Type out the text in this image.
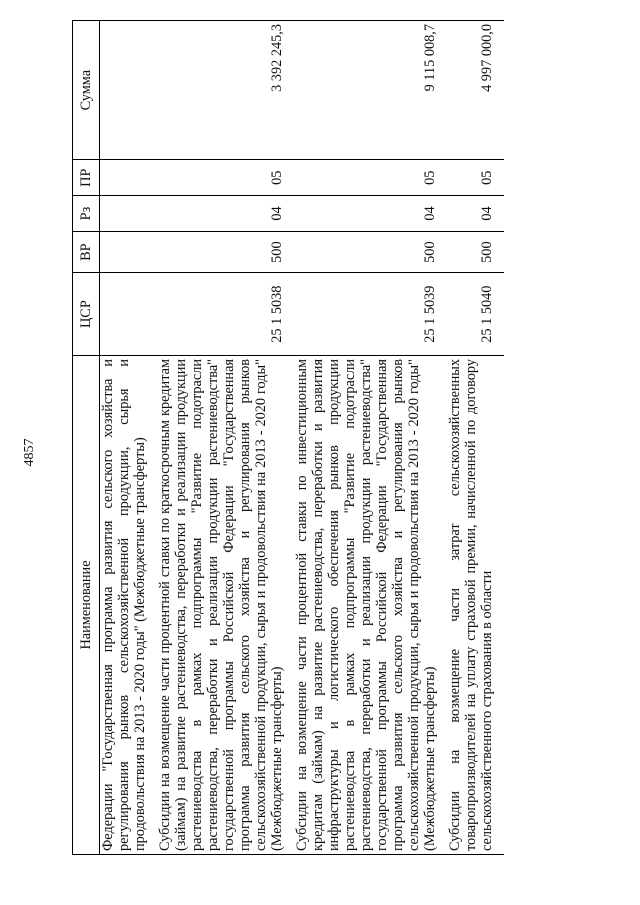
4857
Наименование	ЦСР	ВР	Рз	ПР	Сумма
Федерации "Государственная программа развития сельского хозяйства и регулирования рынков сельскохозяйственной продукции, сырья и продовольствия на 2013 - 2020 годы" (Межбюджетные трансферты)					
Субсидии на возмещение части процентной ставки по краткосрочным кредитам (займам) на развитие растениеводства, переработки и реализации продукции растениеводства в рамках подпрограммы "Развитие подотрасли растениеводства, переработки и реализации продукции растениеводства" государственной программы Российской Федерации "Государственная программа развития сельского хозяйства и регулирования рынков сельскохозяйственной продукции, сырья и продовольствия на 2013 - 2020 годы" (Межбюджетные трансферты)	25 1 5038	500	04	05	3 392 245,3
Субсидии на возмещение части процентной ставки по инвестиционным кредитам (займам) на развитие растениеводства, переработки и развития инфраструктуры и логистического обеспечения рынков продукции растениеводства в рамках подпрограммы "Развитие подотрасли растениеводства, переработки и реализации продукции растениеводства" государственной программы Российской Федерации "Государственная программа развития сельского хозяйства и регулирования рынков сельскохозяйственной продукции, сырья и продовольствия на 2013 - 2020 годы" (Межбюджетные трансферты)	25 1 5039	500	04	05	9 115 008,7
Субсидии на возмещение части затрат сельскохозяйственных товаропроизводителей на уплату страховой премии, начисленной по договору сельскохозяйственного страхования в области	25 1 5040	500	04	05	4 997 000,0
